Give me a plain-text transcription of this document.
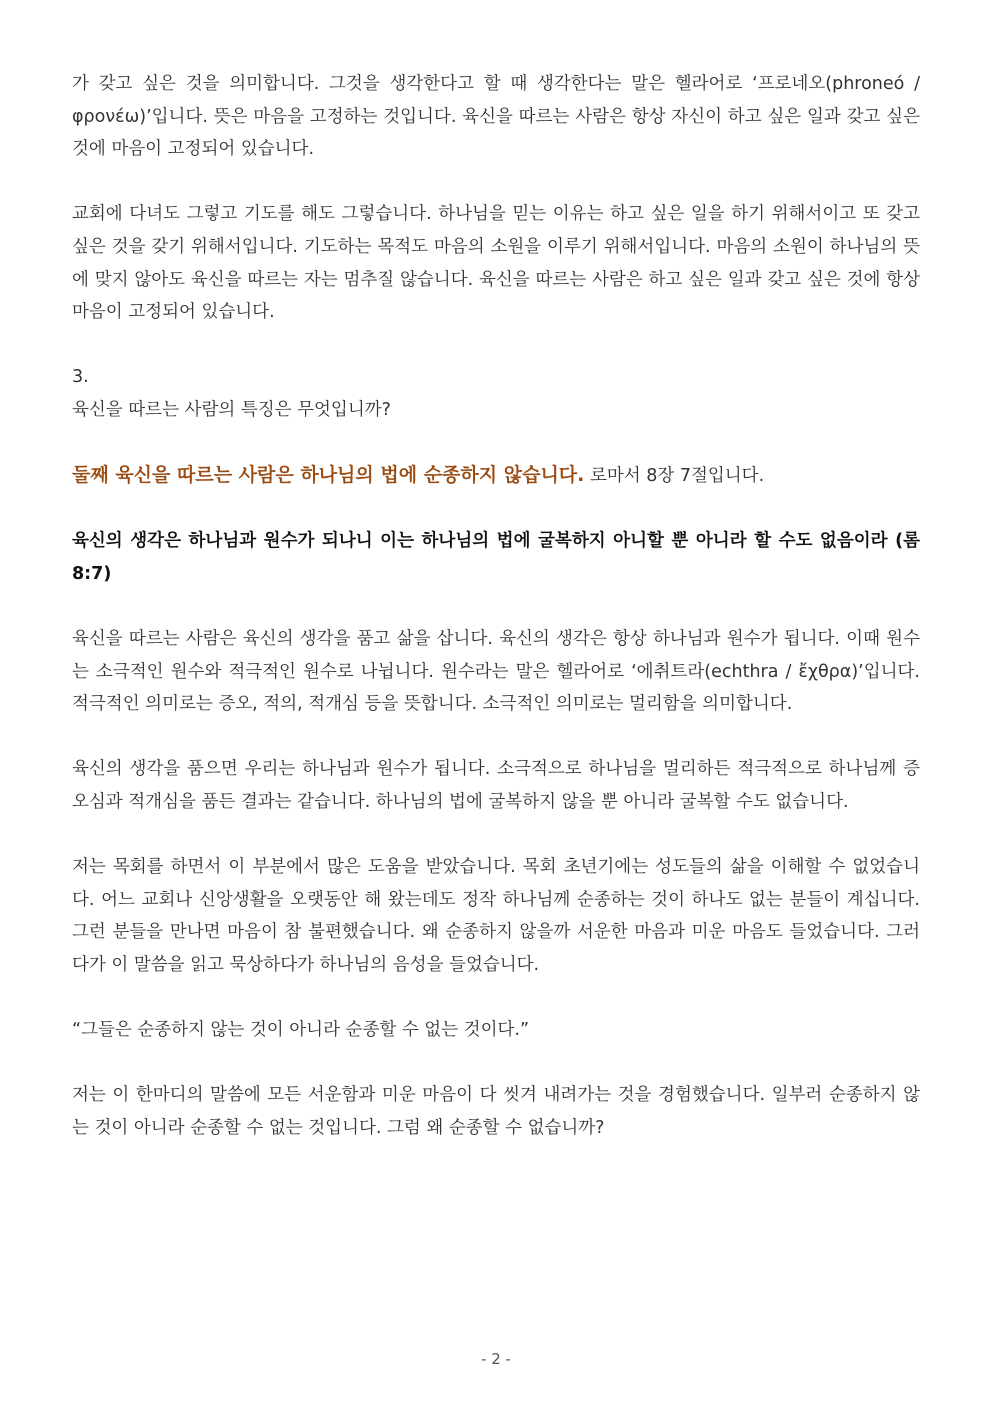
가 갖고 싶은 것을 의미합니다. 그것을 생각한다고 할 때 생각한다는 말은 헬라어로 ‘프로네오(phroneó / φρονέω)’입니다. 뜻은 마음을 고정하는 것입니다. 육신을 따르는 사람은 항상 자신이 하고 싶은 일과 갖고 싶은 것에 마음이 고정되어 있습니다.

교회에 다녀도 그렇고 기도를 해도 그렇습니다. 하나님을 믿는 이유는 하고 싶은 일을 하기 위해서이고 또 갖고 싶은 것을 갖기 위해서입니다. 기도하는 목적도 마음의 소원을 이루기 위해서입니다. 마음의 소원이 하나님의 뜻에 맞지 않아도 육신을 따르는 자는 멈추질 않습니다. 육신을 따르는 사람은 하고 싶은 일과 갖고 싶은 것에 항상 마음이 고정되어 있습니다.

3.

육신을 따르는 사람의 특징은 무엇입니까?

둘째 육신을 따르는 사람은 하나님의 법에 순종하지 않습니다. 로마서 8장 7절입니다.

육신의 생각은 하나님과 원수가 되나니 이는 하나님의 법에 굴복하지 아니할 뿐 아니라 할 수도 없음이라 (롬 8:7)

육신을 따르는 사람은 육신의 생각을 품고 삶을 삽니다. 육신의 생각은 항상 하나님과 원수가 됩니다. 이때 원수는 소극적인 원수와 적극적인 원수로 나뉩니다. 원수라는 말은 헬라어로 ‘에취트라(echthra / ἔχθρα)’입니다. 적극적인 의미로는 증오, 적의, 적개심 등을 뜻합니다. 소극적인 의미로는 멀리함을 의미합니다.

육신의 생각을 품으면 우리는 하나님과 원수가 됩니다. 소극적으로 하나님을 멀리하든 적극적으로 하나님께 증오심과 적개심을 품든 결과는 같습니다. 하나님의 법에 굴복하지 않을 뿐 아니라 굴복할 수도 없습니다.

저는 목회를 하면서 이 부분에서 많은 도움을 받았습니다. 목회 초년기에는 성도들의 삶을 이해할 수 없었습니다. 어느 교회나 신앙생활을 오랫동안 해 왔는데도 정작 하나님께 순종하는 것이 하나도 없는 분들이 계십니다. 그런 분들을 만나면 마음이 참 불편했습니다. 왜 순종하지 않을까 서운한 마음과 미운 마음도 들었습니다. 그러다가 이 말씀을 읽고 묵상하다가 하나님의 음성을 들었습니다.

“그들은 순종하지 않는 것이 아니라 순종할 수 없는 것이다.”

저는 이 한마디의 말씀에 모든 서운함과 미운 마음이 다 씻겨 내려가는 것을 경험했습니다. 일부러 순종하지 않는 것이 아니라 순종할 수 없는 것입니다. 그럼 왜 순종할 수 없습니까?

- 2 -
